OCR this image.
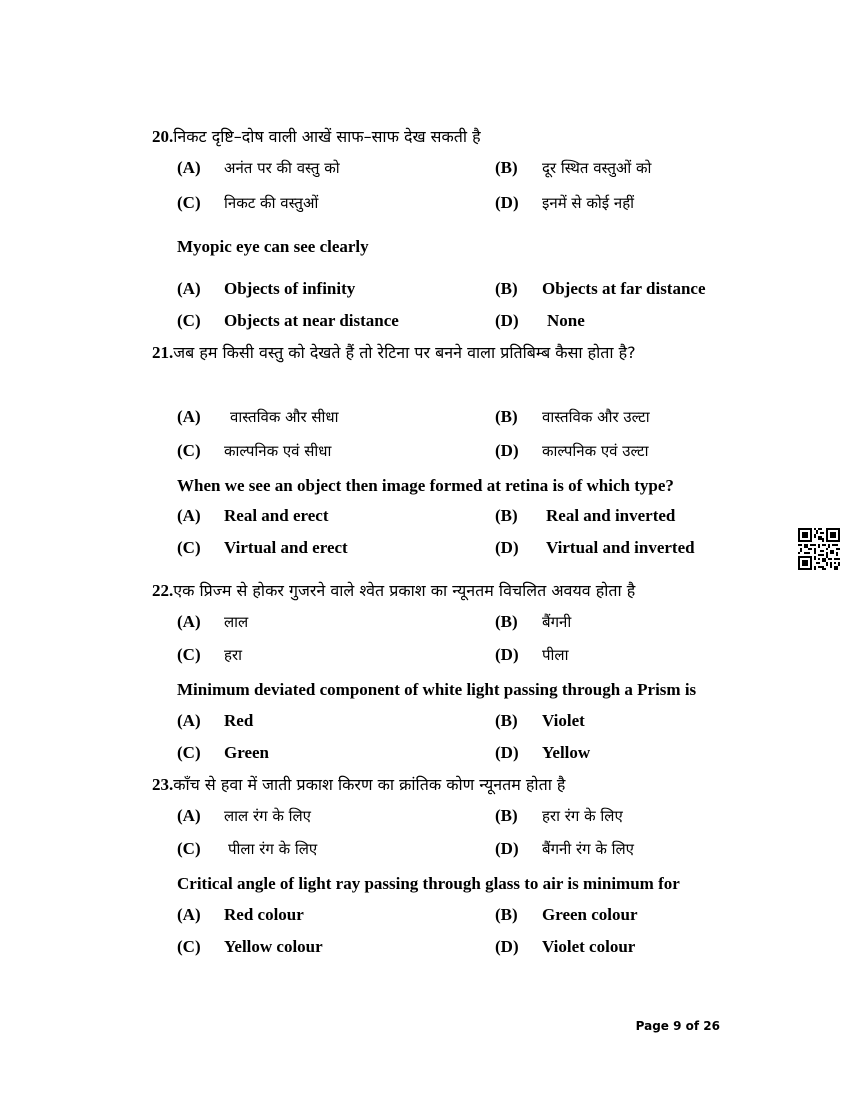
20.निकट दृष्टि–दोष वाली आखें साफ–साफ देख सकती है
(A) अनंत पर की वस्तु को	(B) दूर स्थित वस्तुओं को
(C) निकट की वस्तुओं	(D) इनमें से कोई नहीं
Myopic eye can see clearly
(A) Objects of infinity	(B) Objects at far distance
(C) Objects at near distance	(D) None
21.जब हम किसी वस्तु को देखते हैं तो रेटिना पर बनने वाला प्रतिबिम्ब कैसा होता है?
(A) वास्तविक और सीधा	(B) वास्तविक और उल्टा
(C) काल्पनिक एवं सीधा	(D) काल्पनिक एवं उल्टा
When we see an object then image formed at retina is of which type?
(A) Real and erect	(B) Real and inverted
(C) Virtual and erect	(D) Virtual and inverted
22.एक प्रिज्म से होकर गुजरने वाले श्वेत प्रकाश का न्यूनतम विचलित अवयव होता है
(A) लाल	(B) बैंगनी
(C) हरा	(D) पीला
Minimum deviated component of white light passing through a Prism is
(A) Red	(B) Violet
(C) Green	(D) Yellow
23.काँच से हवा में जाती प्रकाश किरण का क्रांतिक कोण न्यूनतम होता है
(A) लाल रंग के लिए	(B) हरा रंग के लिए
(C) पीला रंग के लिए	(D) बैंगनी रंग के लिए
Critical angle of light ray passing through glass to air is minimum for
(A) Red colour	(B) Green colour
(C) Yellow colour	(D) Violet colour
Page 9 of 26
